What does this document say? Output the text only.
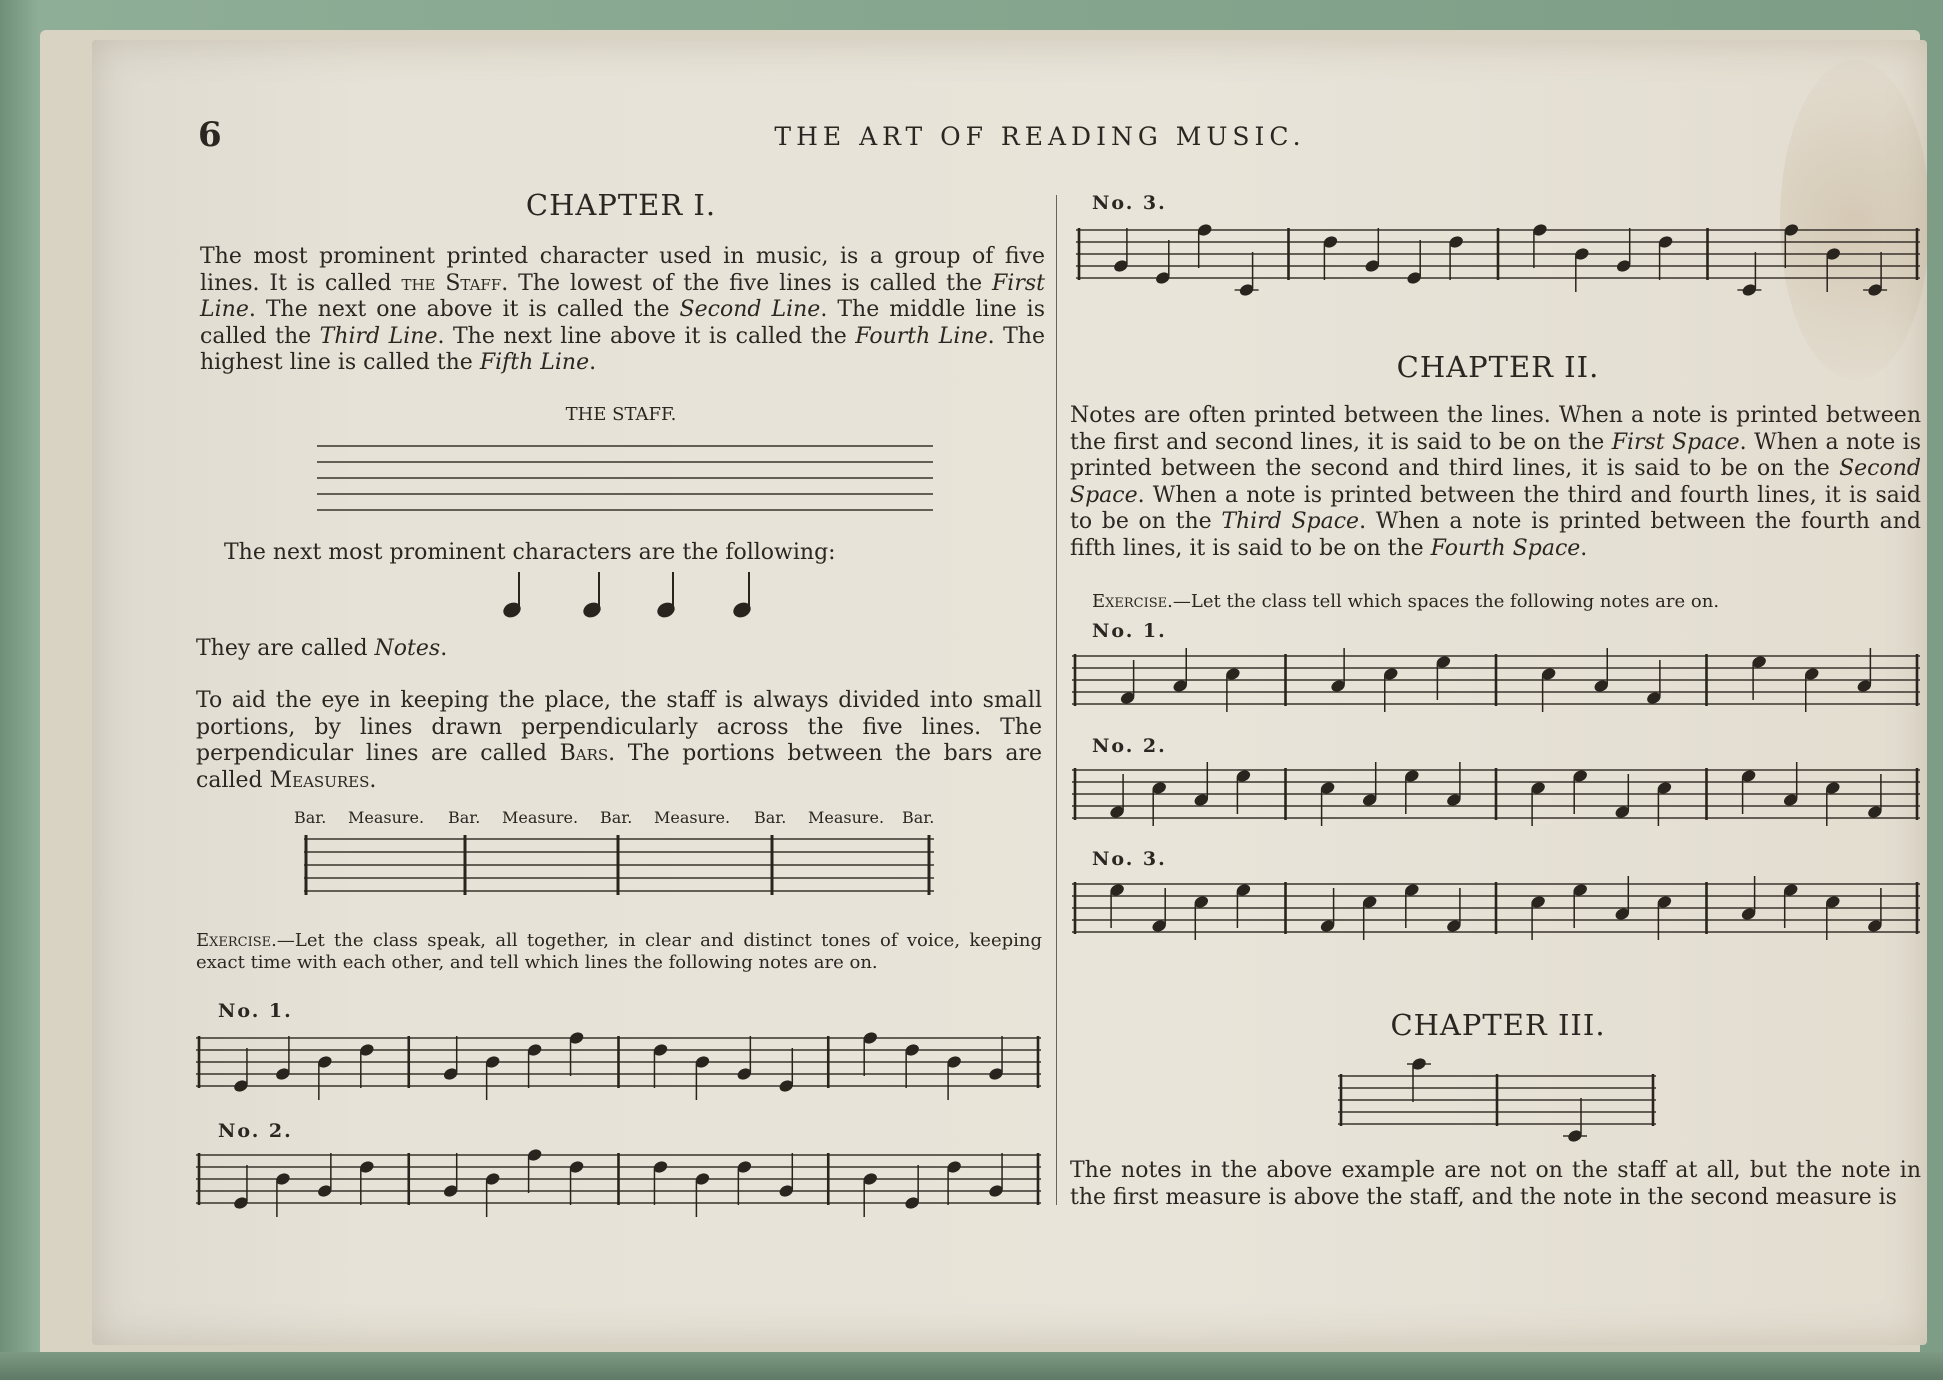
6	THE ART OF READING MUSIC.
CHAPTER I.
The most prominent printed character used in music, is a group of five lines. It is called the Staff. The lowest of the five lines is called the First Line. The next one above it is called the Second Line. The middle line is called the Third Line. The next line above it is called the Fourth Line. The highest line is called the Fifth Line.
THE STAFF.
The next most prominent characters are the following:
They are called Notes.
To aid the eye in keeping the place, the staff is always divided into small portions, by lines drawn perpendicularly across the five lines. The perpendicular lines are called Bars. The portions between the bars are called Measures.
Bar. Measure. Bar. Measure. Bar. Measure. Bar. Measure. Bar.
Exercise.—Let the class speak, all together, in clear and distinct tones of voice, keeping exact time with each other, and tell which lines the following notes are on.
No. 1.
No. 2.
No. 3.
CHAPTER II.
Notes are often printed between the lines. When a note is printed between the first and second lines, it is said to be on the First Space. When a note is printed between the second and third lines, it is said to be on the Second Space. When a note is printed between the third and fourth lines, it is said to be on the Third Space. When a note is printed between the fourth and fifth lines, it is said to be on the Fourth Space.
Exercise.—Let the class tell which spaces the following notes are on.
No. 1.
No. 2.
No. 3.
CHAPTER III.
The notes in the above example are not on the staff at all, but the note in the first measure is above the staff, and the note in the second measure is
